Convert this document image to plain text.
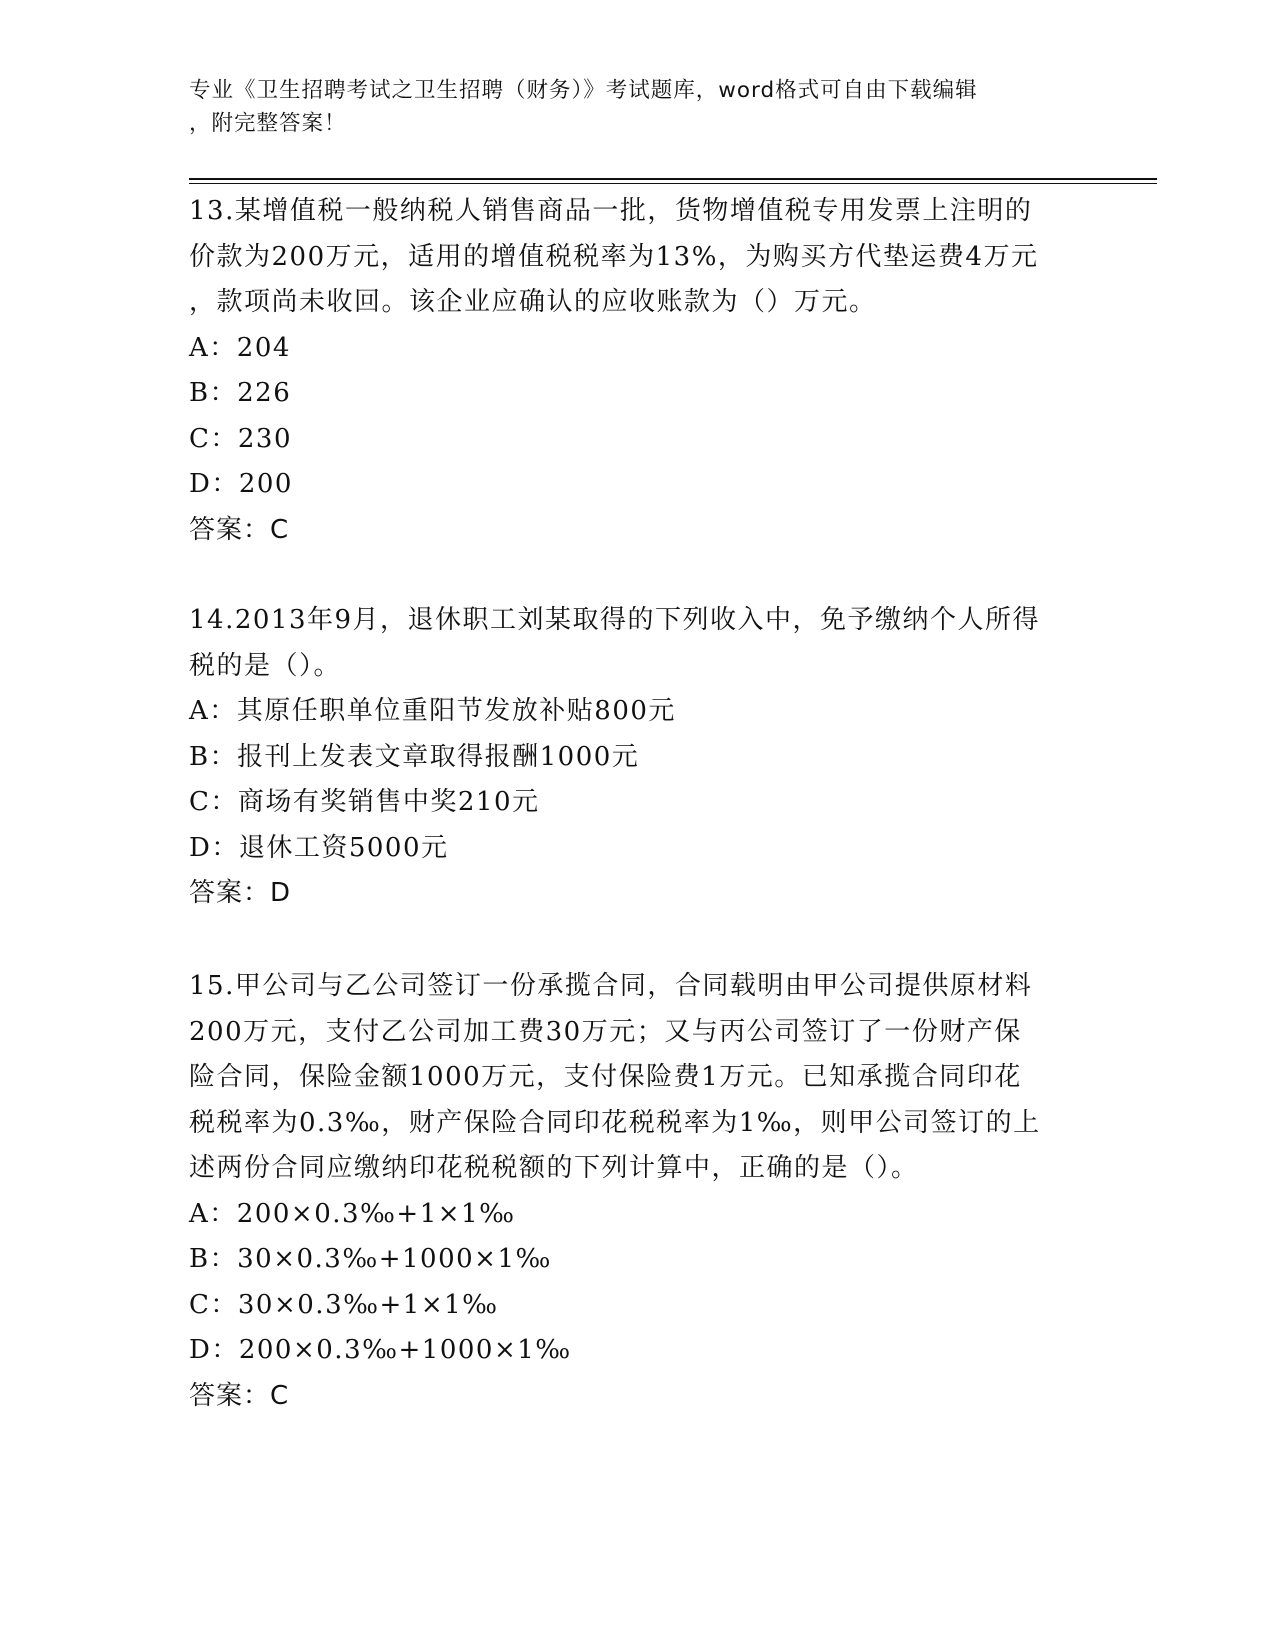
专业《卫生招聘考试之卫生招聘（财务）》考试题库，word格式可自由下载编辑
，附完整答案！

13.某增值税一般纳税人销售商品一批，货物增值税专用发票上注明的
价款为200万元，适用的增值税税率为13%，为购买方代垫运费4万元
，款项尚未收回。该企业应确认的应收账款为（）万元。

A：204

B：226

C：230

D：200

答案：C

14.2013年9月，退休职工刘某取得的下列收入中，免予缴纳个人所得
税的是（）。

A：其原任职单位重阳节发放补贴800元

B：报刊上发表文章取得报酬1000元

C：商场有奖销售中奖210元

D：退休工资5000元

答案：D

15.甲公司与乙公司签订一份承揽合同，合同载明由甲公司提供原材料
200万元，支付乙公司加工费30万元；又与丙公司签订了一份财产保
险合同，保险金额1000万元，支付保险费1万元。已知承揽合同印花
税税率为0.3‰，财产保险合同印花税税率为1‰，则甲公司签订的上
述两份合同应缴纳印花税税额的下列计算中，正确的是（）。

A：200×0.3‰+1×1‰

B：30×0.3‰+1000×1‰

C：30×0.3‰+1×1‰

D：200×0.3‰+1000×1‰

答案：C
